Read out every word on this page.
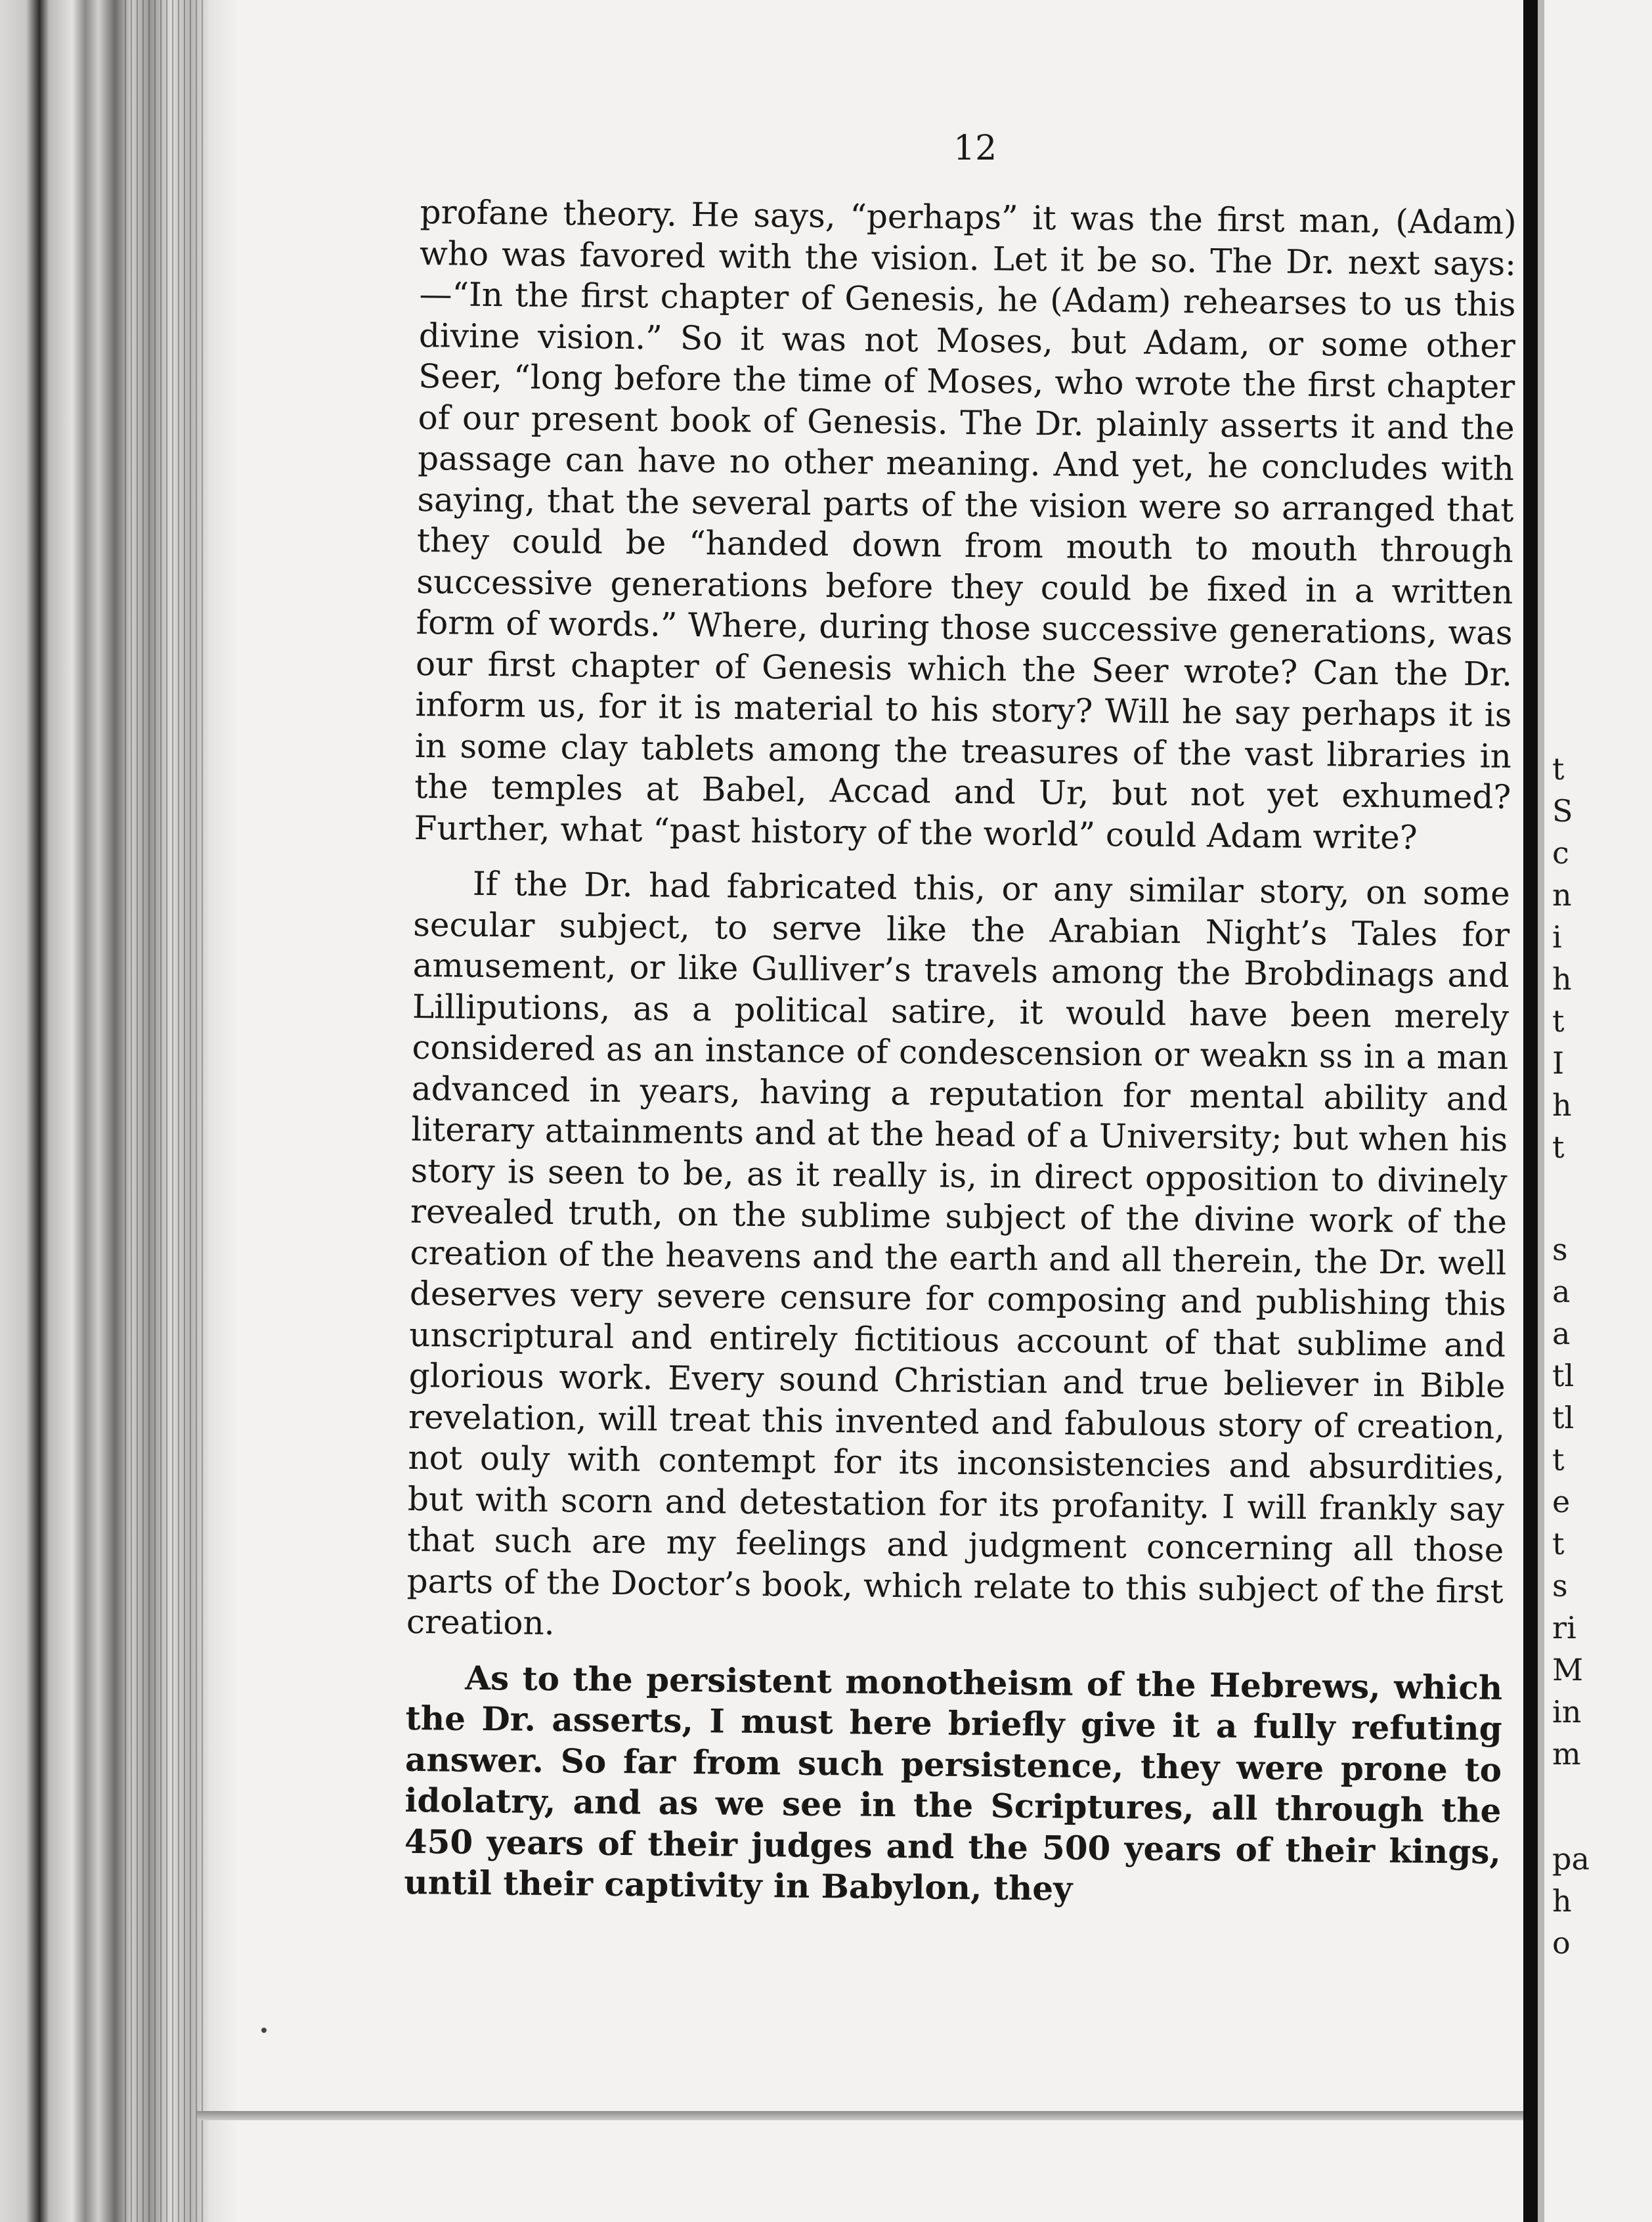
12

profane theory. He says, “perhaps” it was the first man, (Adam) who was favored with the vision. Let it be so. The Dr. next says:—“In the first chapter of Genesis, he (Adam) rehearses to us this divine vision.” So it was not Moses, but Adam, or some other Seer, “long before the time of Moses, who wrote the first chapter of our present book of Genesis. The Dr. plainly asserts it and the passage can have no other meaning. And yet, he concludes with saying, that the several parts of the vision were so arranged that they could be “handed down from mouth to mouth through successive generations before they could be fixed in a written form of words.” Where, during those successive generations, was our first chapter of Genesis which the Seer wrote? Can the Dr. inform us, for it is material to his story? Will he say perhaps it is in some clay tablets among the treasures of the vast libraries in the temples at Babel, Accad and Ur, but not yet exhumed? Further, what “past history of the world” could Adam write?

If the Dr. had fabricated this, or any similar story, on some secular subject, to serve like the Arabian Night’s Tales for amusement, or like Gulliver’s travels among the Brobdinags and Lilliputions, as a political satire, it would have been merely considered as an instance of condescension or weakn ss in a man advanced in years, having a reputation for mental ability and literary attainments and at the head of a University; but when his story is seen to be, as it really is, in direct opposition to divinely revealed truth, on the sublime subject of the divine work of the creation of the heavens and the earth and all therein, the Dr. well deserves very severe censure for composing and publishing this unscriptural and entirely fictitious account of that sublime and glorious work. Every sound Christian and true believer in Bible revelation, will treat this invented and fabulous story of creation, not ouly with contempt for its inconsistencies and absurdities, but with scorn and detestation for its profanity. I will frankly say that such are my feelings and judgment concerning all those parts of the Doctor’s book, which relate to this subject of the first creation.

As to the persistent monotheism of the Hebrews, which the Dr. asserts, I must here briefly give it a fully refuting answer. So far from such persistence, they were prone to idolatry, and as we see in the Scriptures, all through the 450 years of their judges and the 500 years of their kings, until their captivity in Babylon, they

t
S
c
n
i
h
t
I
h
t
s
a
a
tl
tl
t
e
t
s
ri
M
in
m
pa
h
o
